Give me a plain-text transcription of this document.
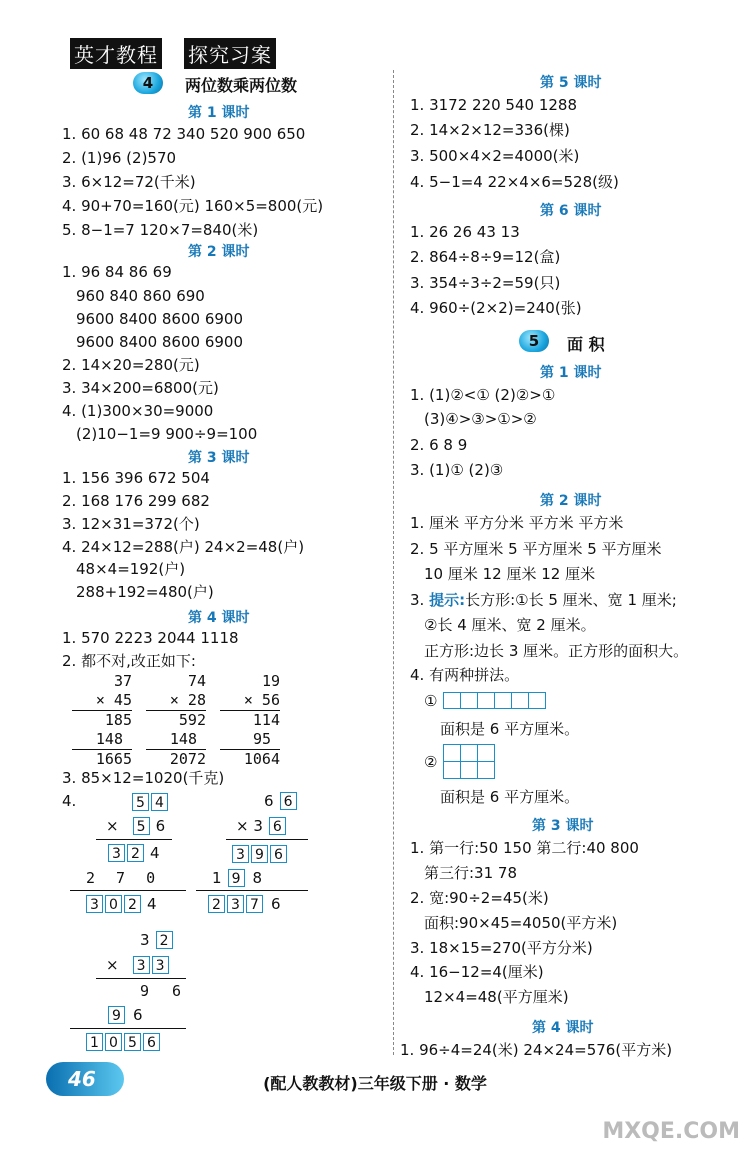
英才教程 探究习案
4	两位数乘两位数
第 1 课时
1. 60 68 48 72 340 520 900 650
2. (1)96 (2)570
3. 6×12=72(千米)
4. 90+70=160(元) 160×5=800(元)
5. 8−1=7 120×7=840(米)
第 2 课时
1. 96 84 86 69
960 840 860 690
9600 8400 8600 6900
9600 8400 8600 6900
2. 14×20=280(元)
3. 34×200=6800(元)
4. (1)300×30=9000
(2)10−1=9 900÷9=100
第 3 课时
1. 156 396 672 504
2. 168 176 299 682
3. 12×31=372(个)
4. 24×12=288(户) 24×2=48(户)
48×4=192(户)
288+192=480(户)
第 4 课时
1. 570 2223 2044 1118
2. 都不对,改正如下:
37
× 45
185
148
1665
74
× 28
592
148
2072
19
× 56
114
95
1064
3. 85×12=1020(千克)
4.	5 4
× 5 6
3 2 4
2 7 0
3 0 2 4
6 6
× 3 6
3 9 6
1 9 8
2 3 7 6
3 2
× 3 3
9 6
9 6
1 0 5 6
第 5 课时
1. 3172 220 540 1288
2. 14×2×12=336(棵)
3. 500×4×2=4000(米)
4. 5−1=4 22×4×6=528(级)
第 6 课时
1. 26 26 43 13
2. 864÷8÷9=12(盒)
3. 354÷3÷2=59(只)
4. 960÷(2×2)=240(张)
5	面 积
第 1 课时
1. (1)②<① (2)②>①
(3)④>③>①>②
2. 6 8 9
3. (1)① (2)③
第 2 课时
1. 厘米 平方分米 平方米 平方米
2. 5 平方厘米 5 平方厘米 5 平方厘米
10 厘米 12 厘米 12 厘米
3. 提示:长方形:①长 5 厘米、宽 1 厘米;
②长 4 厘米、宽 2 厘米。
正方形:边长 3 厘米。正方形的面积大。
4. 有两种拼法。
①
面积是 6 平方厘米。
②
面积是 6 平方厘米。
第 3 课时
1. 第一行:50 150 第二行:40 800
第三行:31 78
2. 宽:90÷2=45(米)
面积:90×45=4050(平方米)
3. 18×15=270(平方分米)
4. 16−12=4(厘米)
12×4=48(平方厘米)
第 4 课时
1. 96÷4=24(米) 24×24=576(平方米)
46	(配人教教材)三年级下册 · 数学
MXQE.COM
